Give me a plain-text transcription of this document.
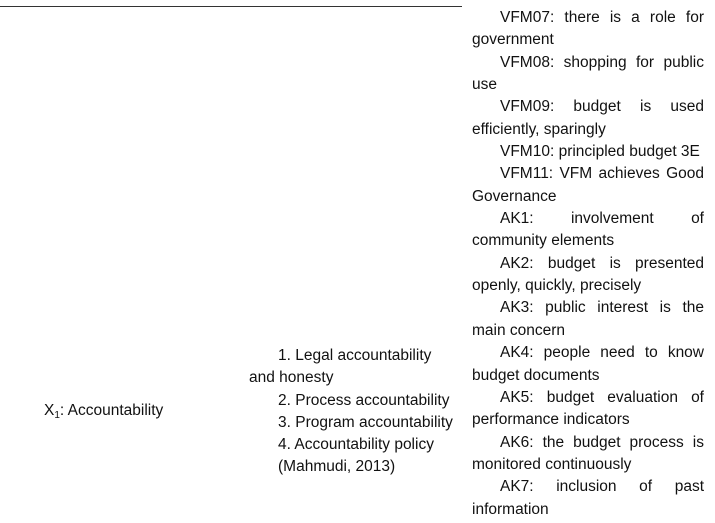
$X_1$: Accountability
1. Legal accountability and honesty
2. Process accountability
3. Program accountability
4. Accountability policy
(Mahmudi, 2013)
VFM07: there is a role for government
VFM08: shopping for public use
VFM09: budget is used efficiently, sparingly
VFM10: principled budget 3E
VFM11: VFM achieves Good Governance
AK1: involvement of community elements
AK2: budget is presented openly, quickly, precisely
AK3: public interest is the main concern
AK4: people need to know budget documents
AK5: budget evaluation of performance indicators
AK6: the budget process is monitored continuously
AK7: inclusion of past information
